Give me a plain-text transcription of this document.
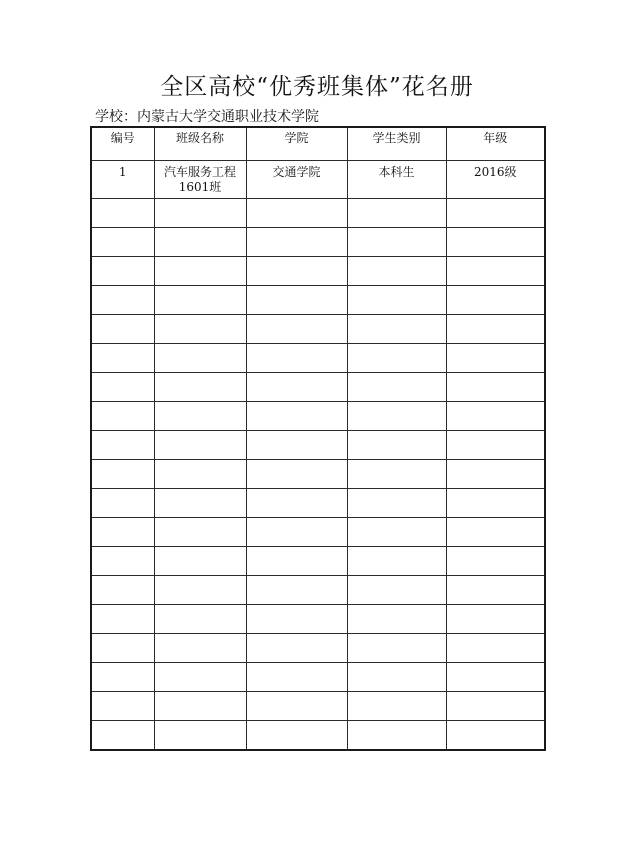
全区高校“优秀班集体”花名册
学校：内蒙古大学交通职业技术学院
编号	班级名称	学院	学生类别	年级

1	汽车服务工程1601班	交通学院	本科生	2016级
